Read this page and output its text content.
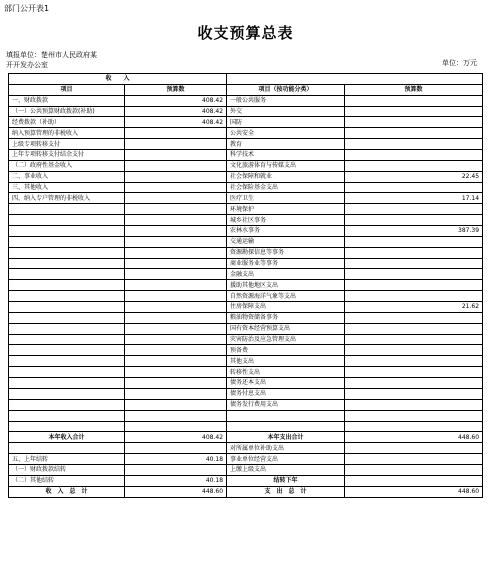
部门公开表1
收支预算总表
填报单位：楚州市人民政府某
开开发办公室	单位：万元
收　　入			
项目	预算数	项目（按功能分类）	预算数
一、财政拨款	408.42	一般公共服务	
（一）公共预算财政拨款(补助)	408.42	外交	
经费拨款（补助）	408.42	国防	
纳入预算管理的非税收入		公共安全	
上级专项转移支付		教育	
上年专项转移支付结余支付		科学技术	
（二）政府性基金收入		文化旅游体育与传媒支出	
二、事业收入		社会保障和就业	22.45
三、其他收入		社会保险基金支出	
四、纳入专户管理的非税收入		医疗卫生	17.14
		环境保护	
		城乡社区事务	
		农林水事务	387.39
		交通运输	
		资源勘探信息等事务	
		商业服务业等事务	
		金融支出	
		援助其他地区支出	
		自然资源海洋气象等支出	
		住房保障支出	21.62
		粮油物资储备事务	
		国有资本经营预算支出	
		灾害防治及应急管理支出	
		预备费	
		其他支出	
		转移性支出	
		债务还本支出	
		债务付息支出	
		债务发行费用支出	

本年收入合计	408.42	本年支出合计	448.60
		对所属单位补助支出	
五、上年结转	40.18	事业单位经营支出	
（一）财政拨款结转		上缴上级支出	
（二）其他结转	40.18	结转下年	
收　入　总　计	448.60	支　出　总　计	448.60
